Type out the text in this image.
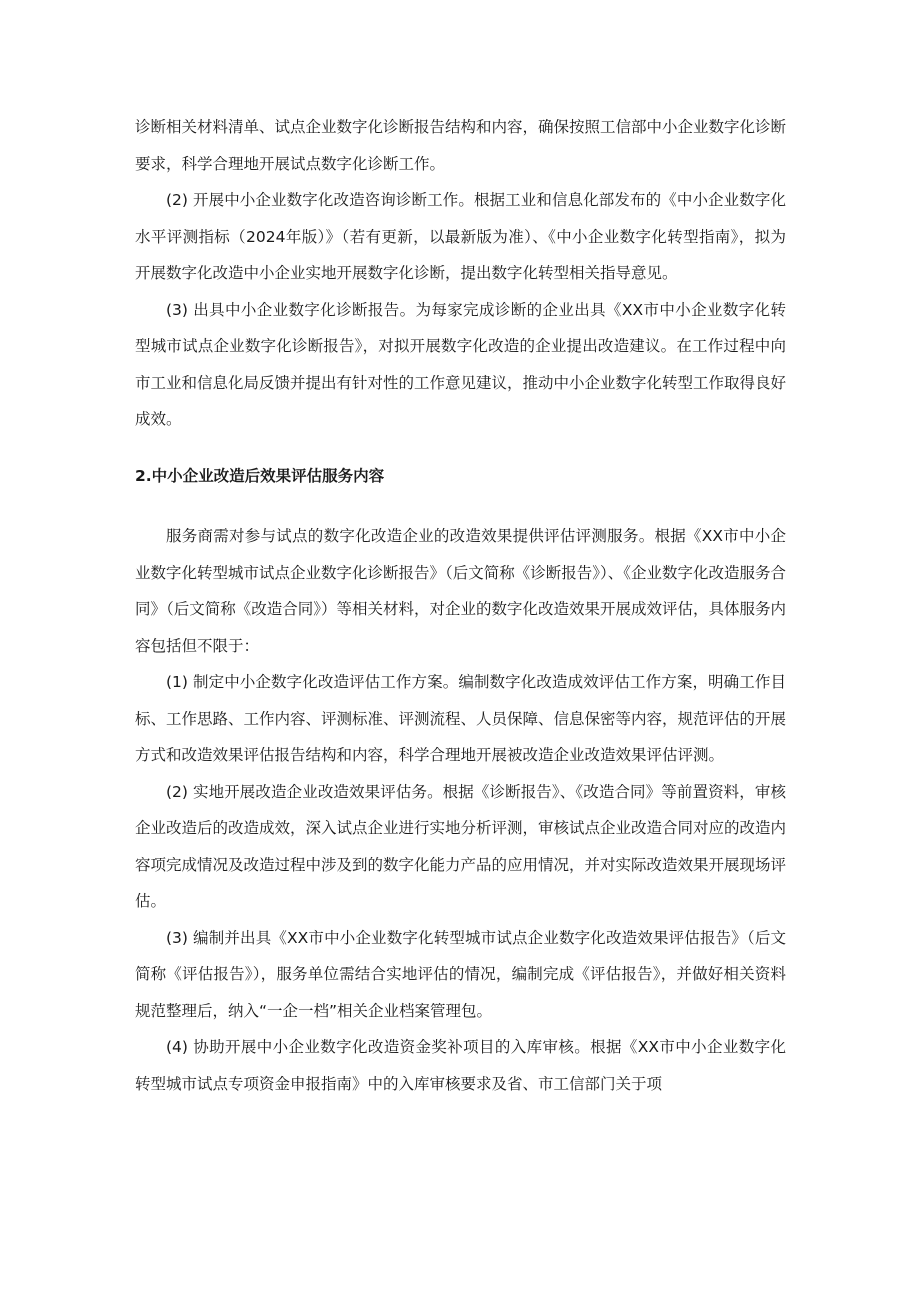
诊断相关材料清单、试点企业数字化诊断报告结构和内容，确保按照工信部中小企业数字化诊断要求，科学合理地开展试点数字化诊断工作。

(2) 开展中小企业数字化改造咨询诊断工作。根据工业和信息化部发布的《中小企业数字化水平评测指标（2024年版）》（若有更新，以最新版为准）、《中小企业数字化转型指南》，拟为开展数字化改造中小企业实地开展数字化诊断，提出数字化转型相关指导意见。

(3) 出具中小企业数字化诊断报告。为每家完成诊断的企业出具《XX市中小企业数字化转型城市试点企业数字化诊断报告》，对拟开展数字化改造的企业提出改造建议。在工作过程中向市工业和信息化局反馈并提出有针对性的工作意见建议，推动中小企业数字化转型工作取得良好成效。

2.中小企业改造后效果评估服务内容

服务商需对参与试点的数字化改造企业的改造效果提供评估评测服务。根据《XX市中小企业数字化转型城市试点企业数字化诊断报告》（后文简称《诊断报告》）、《企业数字化改造服务合同》（后文简称《改造合同》）等相关材料，对企业的数字化改造效果开展成效评估，具体服务内容包括但不限于：

(1) 制定中小企数字化改造评估工作方案。编制数字化改造成效评估工作方案，明确工作目标、工作思路、工作内容、评测标准、评测流程、人员保障、信息保密等内容，规范评估的开展方式和改造效果评估报告结构和内容，科学合理地开展被改造企业改造效果评估评测。

(2) 实地开展改造企业改造效果评估务。根据《诊断报告》、《改造合同》等前置资料，审核企业改造后的改造成效，深入试点企业进行实地分析评测，审核试点企业改造合同对应的改造内容项完成情况及改造过程中涉及到的数字化能力产品的应用情况，并对实际改造效果开展现场评估。

(3) 编制并出具《XX市中小企业数字化转型城市试点企业数字化改造效果评估报告》（后文简称《评估报告》），服务单位需结合实地评估的情况，编制完成《评估报告》，并做好相关资料规范整理后，纳入“一企一档”相关企业档案管理包。

(4) 协助开展中小企业数字化改造资金奖补项目的入库审核。根据《XX市中小企业数字化转型城市试点专项资金申报指南》中的入库审核要求及省、市工信部门关于项
